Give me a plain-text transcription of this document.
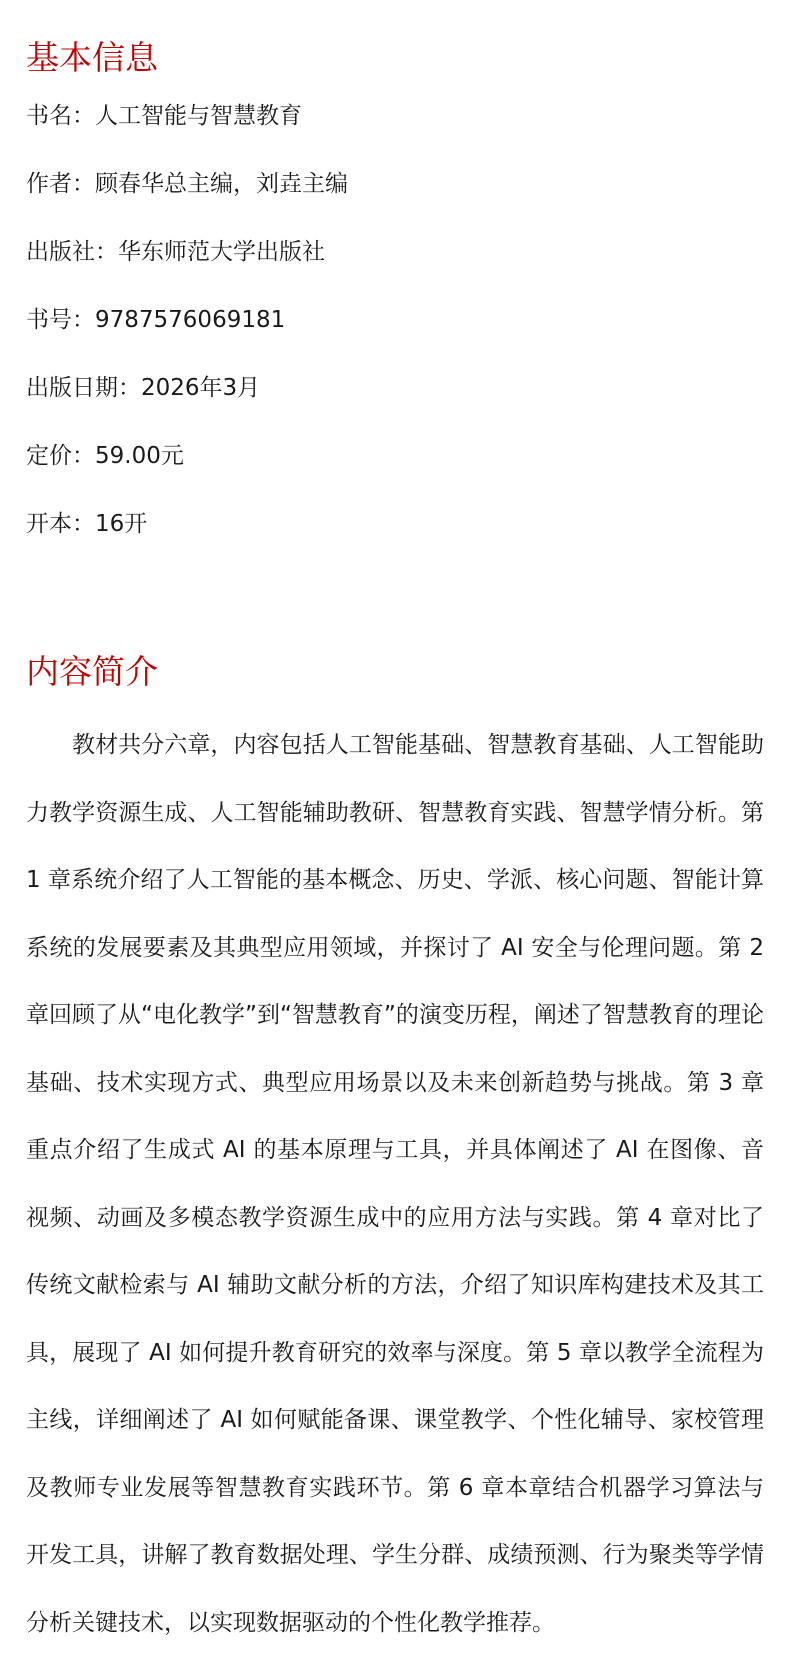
基本信息
书名：人工智能与智慧教育
作者：顾春华总主编，刘垚主编
出版社：华东师范大学出版社
书号：9787576069181
出版日期：2026年3月
定价：59.00元
开本：16开
内容简介

教材共分六章，内容包括人工智能基础、智慧教育基础、人工智能助力教学资源生成、人工智能辅助教研、智慧教育实践、智慧学情分析。第 1 章系统介绍了人工智能的基本概念、历史、学派、核心问题、智能计算系统的发展要素及其典型应用领域，并探讨了 AI 安全与伦理问题。第 2 章回顾了从“电化教学”到“智慧教育”的演变历程，阐述了智慧教育的理论基础、技术实现方式、典型应用场景以及未来创新趋势与挑战。第 3 章重点介绍了生成式 AI 的基本原理与工具，并具体阐述了 AI 在图像、音视频、动画及多模态教学资源生成中的应用方法与实践。第 4 章对比了传统文献检索与 AI 辅助文献分析的方法，介绍了知识库构建技术及其工具，展现了 AI 如何提升教育研究的效率与深度。第 5 章以教学全流程为主线，详细阐述了 AI 如何赋能备课、课堂教学、个性化辅导、家校管理及教师专业发展等智慧教育实践环节。第 6 章本章结合机器学习算法与开发工具，讲解了教育数据处理、学生分群、成绩预测、行为聚类等学情分析关键技术，以实现数据驱动的个性化教学推荐。
